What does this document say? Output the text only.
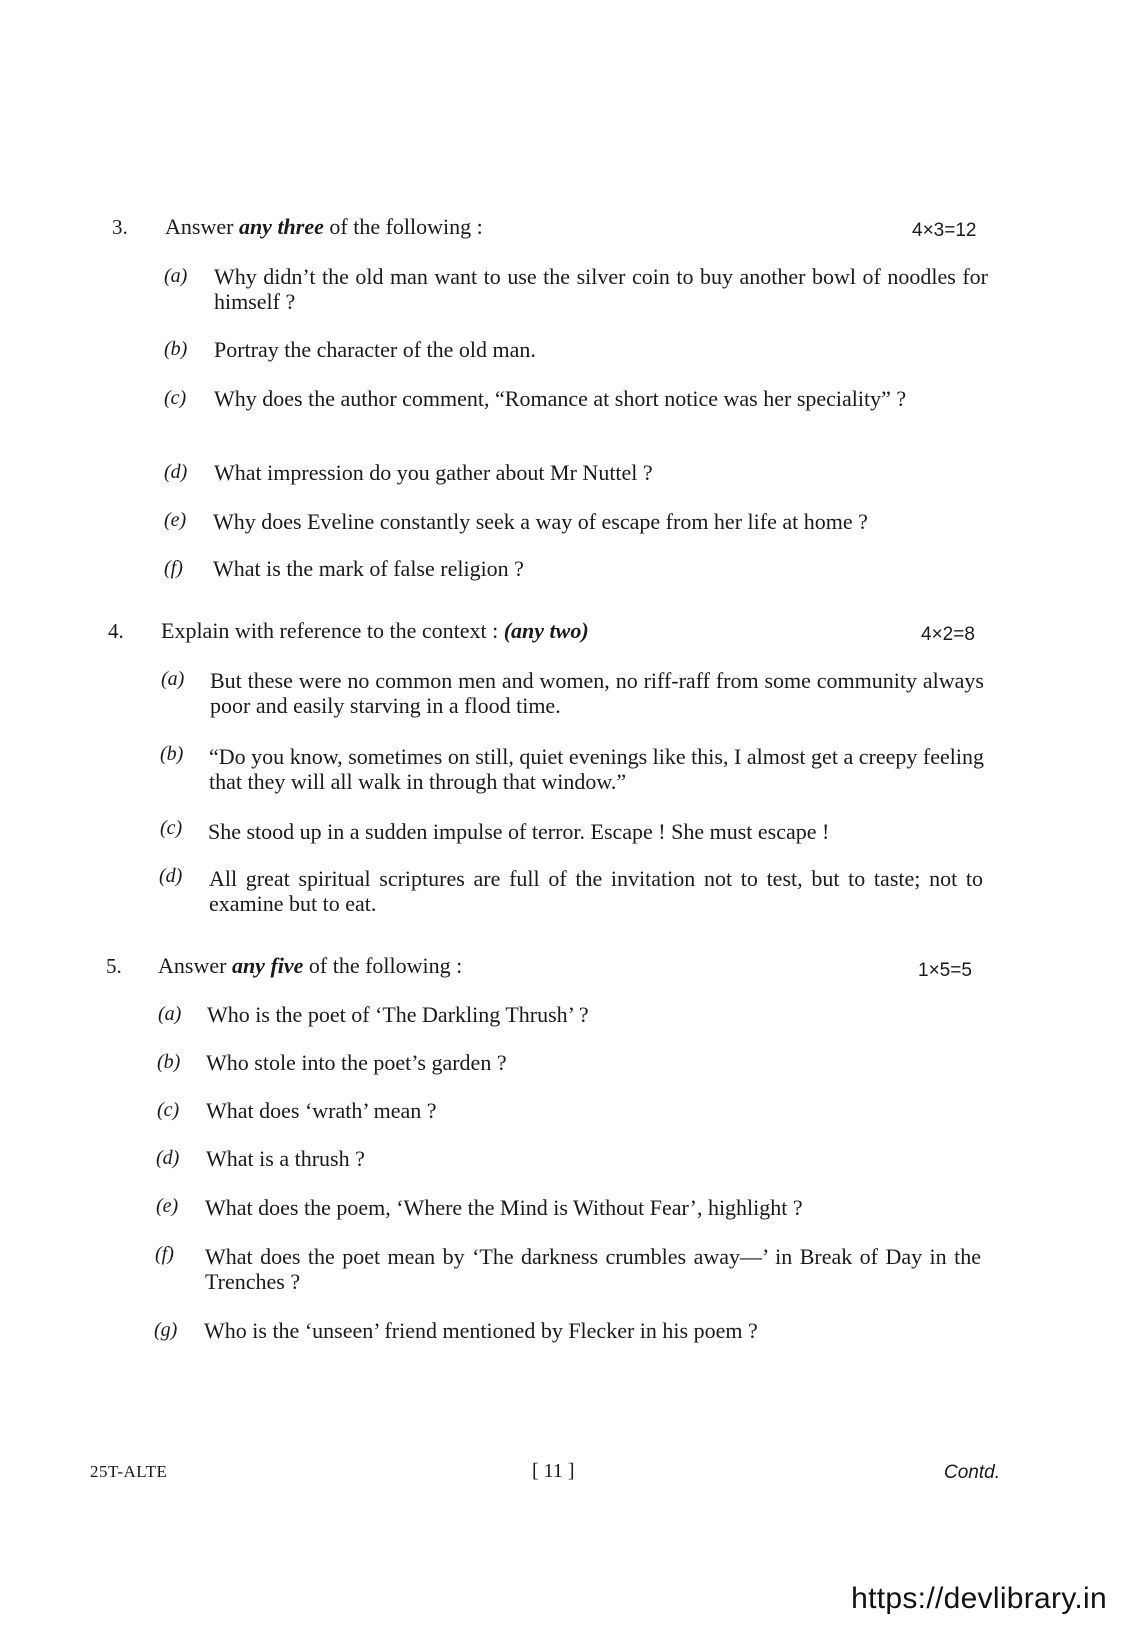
3. Answer any three of the following :	4×3=12
(a) Why didn’t the old man want to use the silver coin to buy another bowl of noodles for himself ?
(b) Portray the character of the old man.
(c) Why does the author comment, “Romance at short notice was her speciality” ?
(d) What impression do you gather about Mr Nuttel ?
(e) Why does Eveline constantly seek a way of escape from her life at home ?
(f) What is the mark of false religion ?
4. Explain with reference to the context : (any two)	4×2=8
(a) But these were no common men and women, no riff-raff from some community always poor and easily starving in a flood time.
(b) “Do you know, sometimes on still, quiet evenings like this, I almost get a creepy feeling that they will all walk in through that window.”
(c) She stood up in a sudden impulse of terror. Escape ! She must escape !
(d) All great spiritual scriptures are full of the invitation not to test, but to taste; not to examine but to eat.
5. Answer any five of the following :	1×5=5
(a) Who is the poet of ‘The Darkling Thrush’ ?
(b) Who stole into the poet’s garden ?
(c) What does ‘wrath’ mean ?
(d) What is a thrush ?
(e) What does the poem, ‘Where the Mind is Without Fear’, highlight ?
(f) What does the poet mean by ‘The darkness crumbles away—’ in Break of Day in the Trenches ?
(g) Who is the ‘unseen’ friend mentioned by Flecker in his poem ?
25T-ALTE	[ 11 ]	Contd.
https://devlibrary.in
